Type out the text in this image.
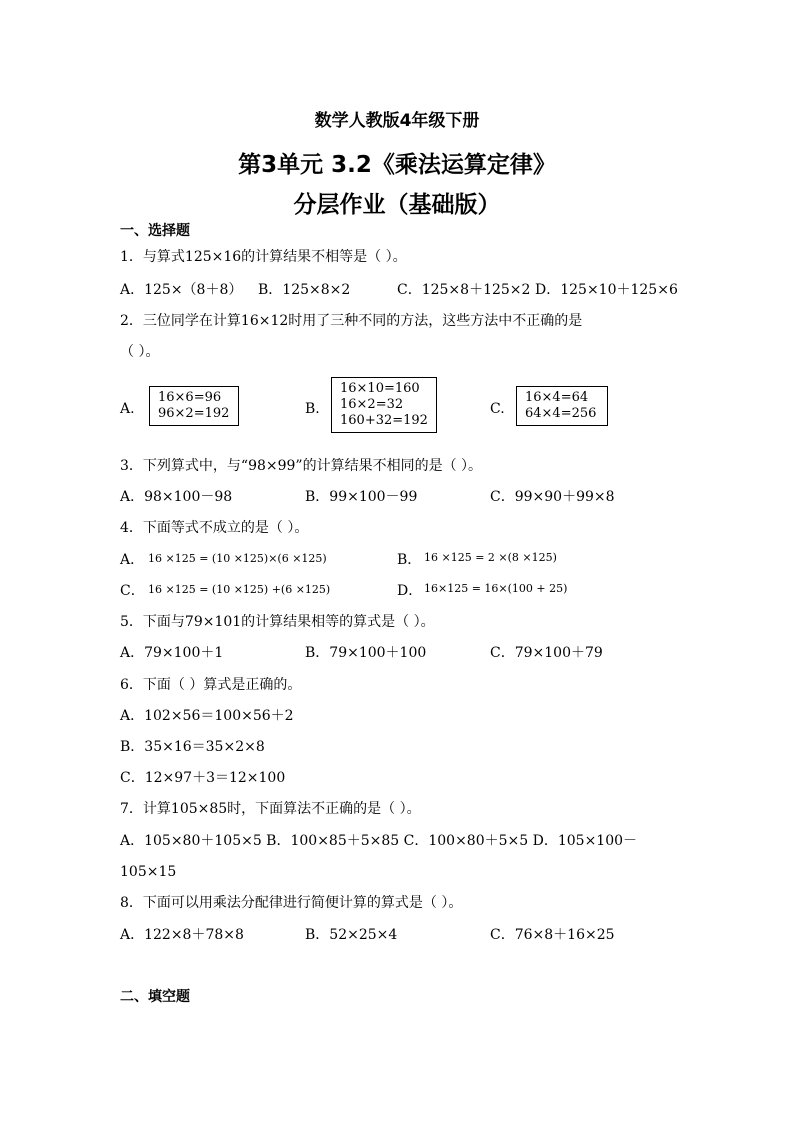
数学人教版4年级下册
第3单元 3.2《乘法运算定律》
分层作业（基础版）
一、选择题
1．与算式125×16的计算结果不相等是（ ）。
A．125×（8＋8） B．125×8×2	C．125×8＋125×2 D．125×10＋125×6
2．三位同学在计算16×12时用了三种不同的方法，这些方法中不正确的是
（ ）。
A.
16×6=96
96×2=192	B.
16×10=160
16×2=32
160+32=192
C.
16×4=64
64×4=256
3．下列算式中，与“98×99”的计算结果不相同的是（ ）。
A．98×100－98	B．99×100－99	C．99×90＋99×8
4．下面等式不成立的是（ ）。
A． 16 ×125 = (10 ×125)×(6 ×125)	B． 16 ×125 = 2 ×(8 ×125)
C． 16 ×125 = (10 ×125) +(6 ×125)	D． 16×125 = 16×(100 + 25)
5．下面与79×101的计算结果相等的算式是（ ）。
A．79×100＋1	B．79×100＋100	C．79×100＋79
6．下面（ ）算式是正确的。
A．102×56＝100×56＋2
B．35×16＝35×2×8
C．12×97＋3＝12×100
7．计算105×85时，下面算法不正确的是（ ）。
A．105×80＋105×5 B．100×85＋5×85 C．100×80＋5×5 D．105×100－
105×15
8．下面可以用乘法分配律进行简便计算的算式是（ ）。
A．122×8＋78×8	B．52×25×4	C．76×8＋16×25
二、填空题
